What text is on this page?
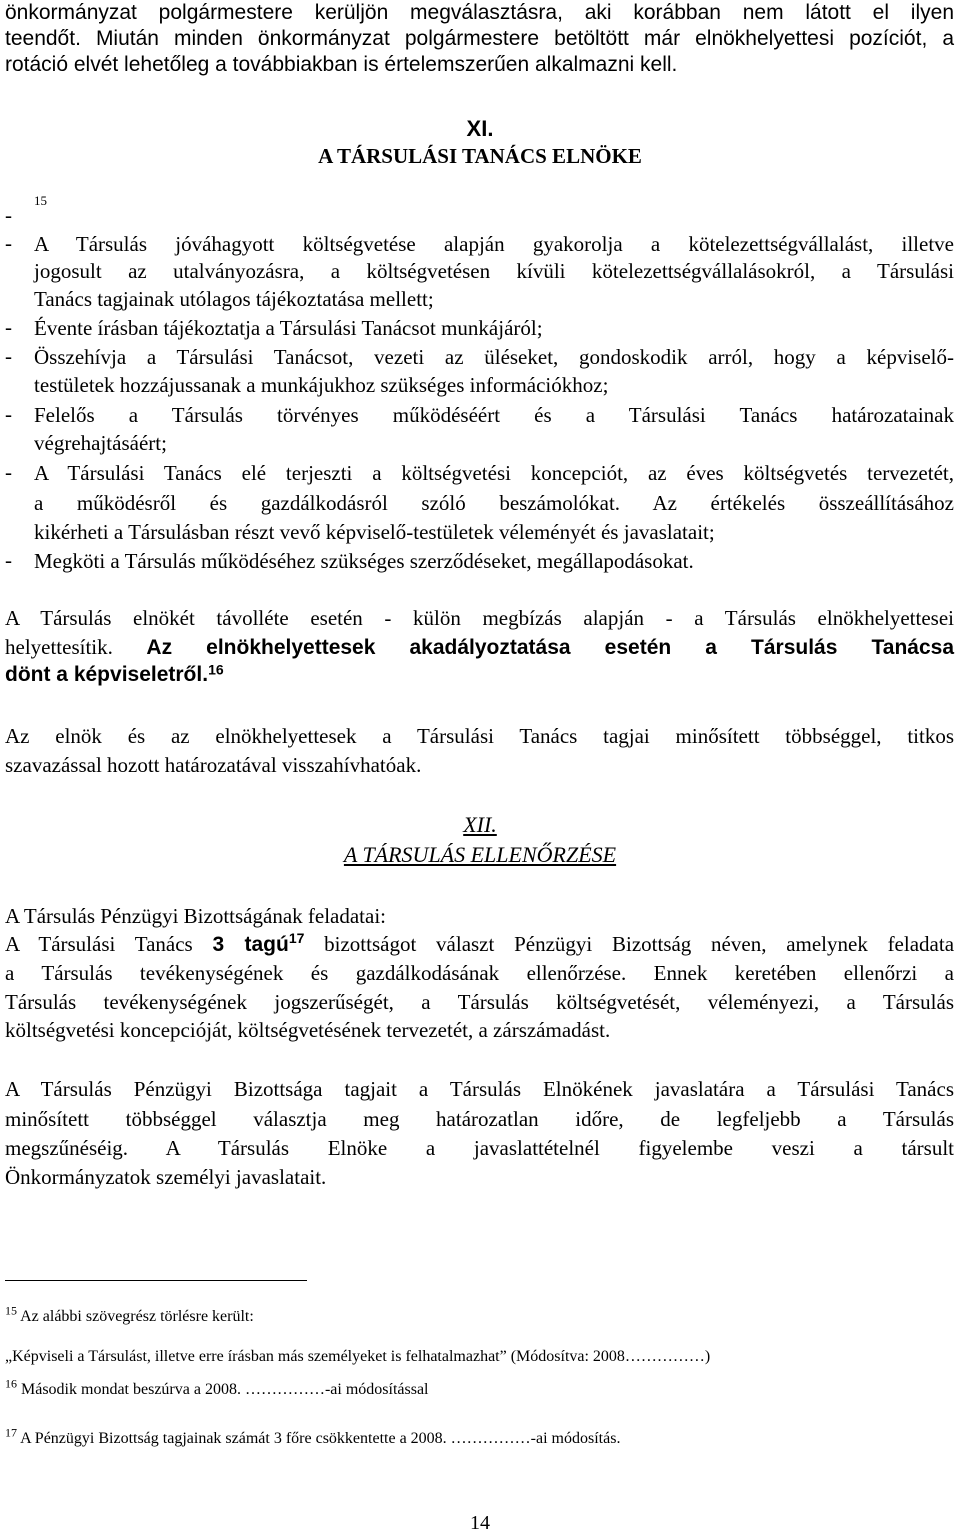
önkormányzat polgármestere kerüljön megválasztásra, aki korábban nem látott el ilyen
teendőt. Miután minden önkormányzat polgármestere betöltött már elnökhelyettesi pozíciót, a
rotáció elvét lehetőleg a továbbiakban is értelemszerűen alkalmazni kell.
XI.
A TÁRSULÁSI TANÁCS ELNÖKE
-
15
- A Társulás jóváhagyott költségvetése alapján gyakorolja a kötelezettségvállalást, illetve
jogosult az utalványozásra, a költségvetésen kívüli kötelezettségvállalásokról, a Társulási
Tanács tagjainak utólagos tájékoztatása mellett;
- Évente írásban tájékoztatja a Társulási Tanácsot munkájáról;
- Összehívja a Társulási Tanácsot, vezeti az üléseket, gondoskodik arról, hogy a képviselő-
testületek hozzájussanak a munkájukhoz szükséges információkhoz;
- Felelős a Társulás törvényes működéséért és a Társulási Tanács határozatainak
végrehajtásáért;
- A Társulási Tanács elé terjeszti a költségvetési koncepciót, az éves költségvetés tervezetét,
a működésről és gazdálkodásról szóló beszámolókat. Az értékelés összeállításához
kikérheti a Társulásban részt vevő képviselő-testületek véleményét és javaslatait;
- Megköti a Társulás működéséhez szükséges szerződéseket, megállapodásokat.
A Társulás elnökét távolléte esetén - külön megbízás alapján - a Társulás elnökhelyettesei
helyettesítik. Az elnökhelyettesek akadályoztatása esetén a Társulás Tanácsa
dönt a képviseletről.$^{16}$
Az elnök és az elnökhelyettesek a Társulási Tanács tagjai minősített többséggel, titkos
szavazással hozott határozatával visszahívhatóak.
XII.
A TÁRSULÁS ELLENŐRZÉSE
A Társulás Pénzügyi Bizottságának feladatai:
A Társulási Tanács 3 tagú$^{17}$ bizottságot választ Pénzügyi Bizottság néven, amelynek feladata
a Társulás tevékenységének és gazdálkodásának ellenőrzése. Ennek keretében ellenőrzi a
Társulás tevékenységének jogszerűségét, a Társulás költségvetését, véleményezi, a Társulás
költségvetési koncepcióját, költségvetésének tervezetét, a zárszámadást.
A Társulás Pénzügyi Bizottsága tagjait a Társulás Elnökének javaslatára a Társulási Tanács
minősített többséggel választja meg határozatlan időre, de legfeljebb a Társulás
megszűnéséig. A Társulás Elnöke a javaslattételnél figyelembe veszi a társult
Önkormányzatok személyi javaslatait.
$^{15}$ Az alábbi szövegrész törlésre került:
„Képviseli a Társulást, illetve erre írásban más személyeket is felhatalmazhat” (Módosítva: 2008……………)
$^{16}$ Második mondat beszúrva a 2008. ……………-ai módosítással
$^{17}$ A Pénzügyi Bizottság tagjainak számát 3 főre csökkentette a 2008. ……………-ai módosítás.
14
